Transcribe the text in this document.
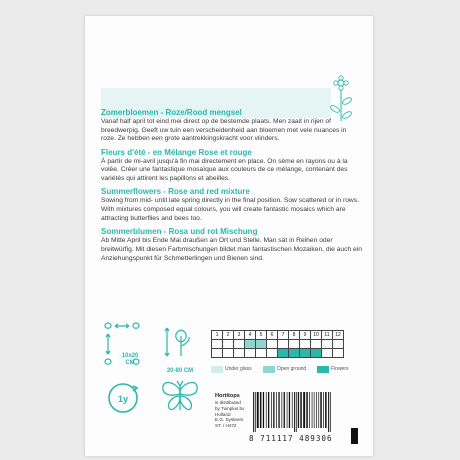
Zomerbloemen - Roze/Rood mengsel

Vanaf half april tot eind mei direct op de bestemde plaats. Men zaait in rijen of breedwerpig. Geeft uw tuin een verscheidenheid aan bloemen met vele nuances in roze. Ze hebben een grote aantrekkingskracht voor vlinders.

Fleurs d'été - en Mélange Rose et rouge

À partir de mi-avril jusqu'à fin mai directement en place. On sème en rayons ou à la volée. Créer une fantastique mosaïque aux couleurs de ce mélange, contenant des variétés qui attirent les papillons et abeilles.

Summerflowers - Rose and red mixture

Sowing from mid- until late spring directly in the final position. Sow scattered or in rows. With mixtures composed equal colours, you will create fantastic mosaics which are attracting butterflies and bees too.

Sommerblumen - Rosa und rot Mischung

Ab Mitte April bis Ende Mai draußen an Ort und Stelle. Man sät in Reihen oder breitwürfig. Mit diesen Farbmischungen bildet man fantastischen Mozaiken, die auch ein Anziehungspunkt für Schmetterlingen und Bienen sind.

10x20
CM
20-80 CM
1y
1	2	3	4	5	6	7	8	9	10	11	12

Under glass	Open ground	Flowers

Hortitops

is distributed

by Tuinplus bv

Holland

E.G. Systeem

ST. / H472

8 711117 489306
